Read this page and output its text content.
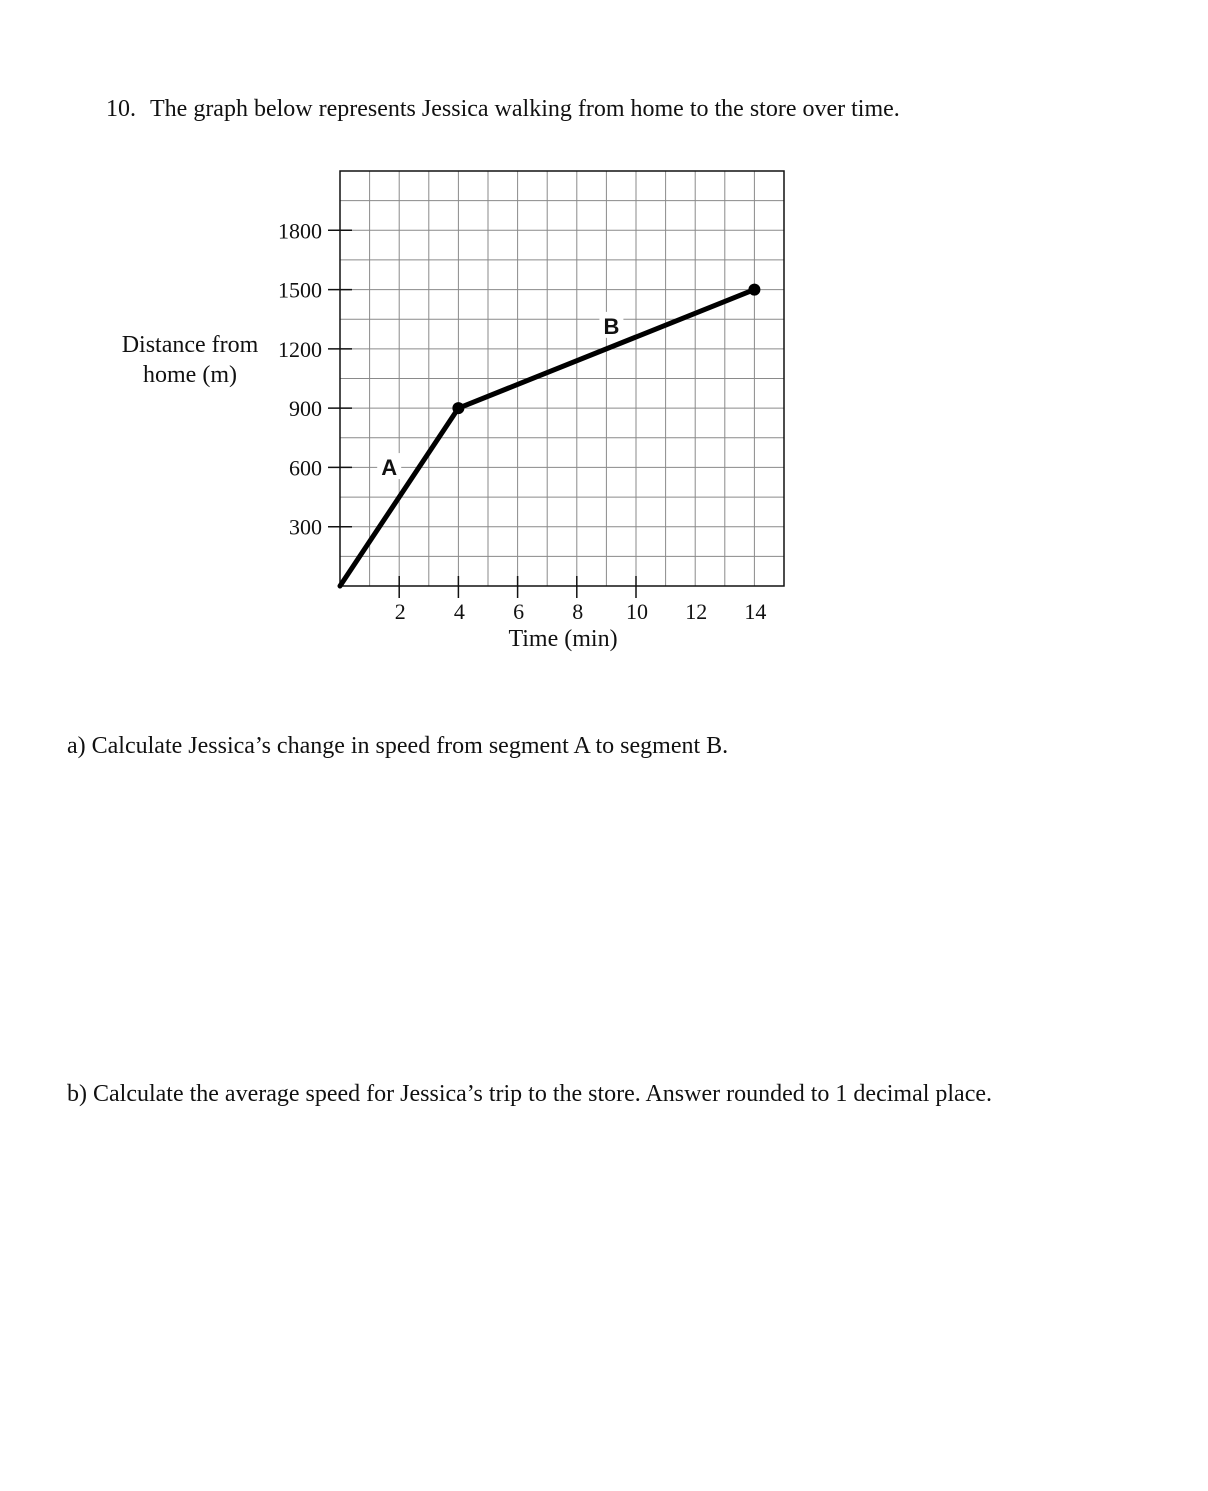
10. The graph below represents Jessica walking from home to the store over time.
300
600
900
1200
1500
1800
2 4 6 8 10 12 14
A
B
Distance from
home (m)
Time (min)
a) Calculate Jessica’s change in speed from segment A to segment B.
b) Calculate the average speed for Jessica’s trip to the store. Answer rounded to 1 decimal place.
